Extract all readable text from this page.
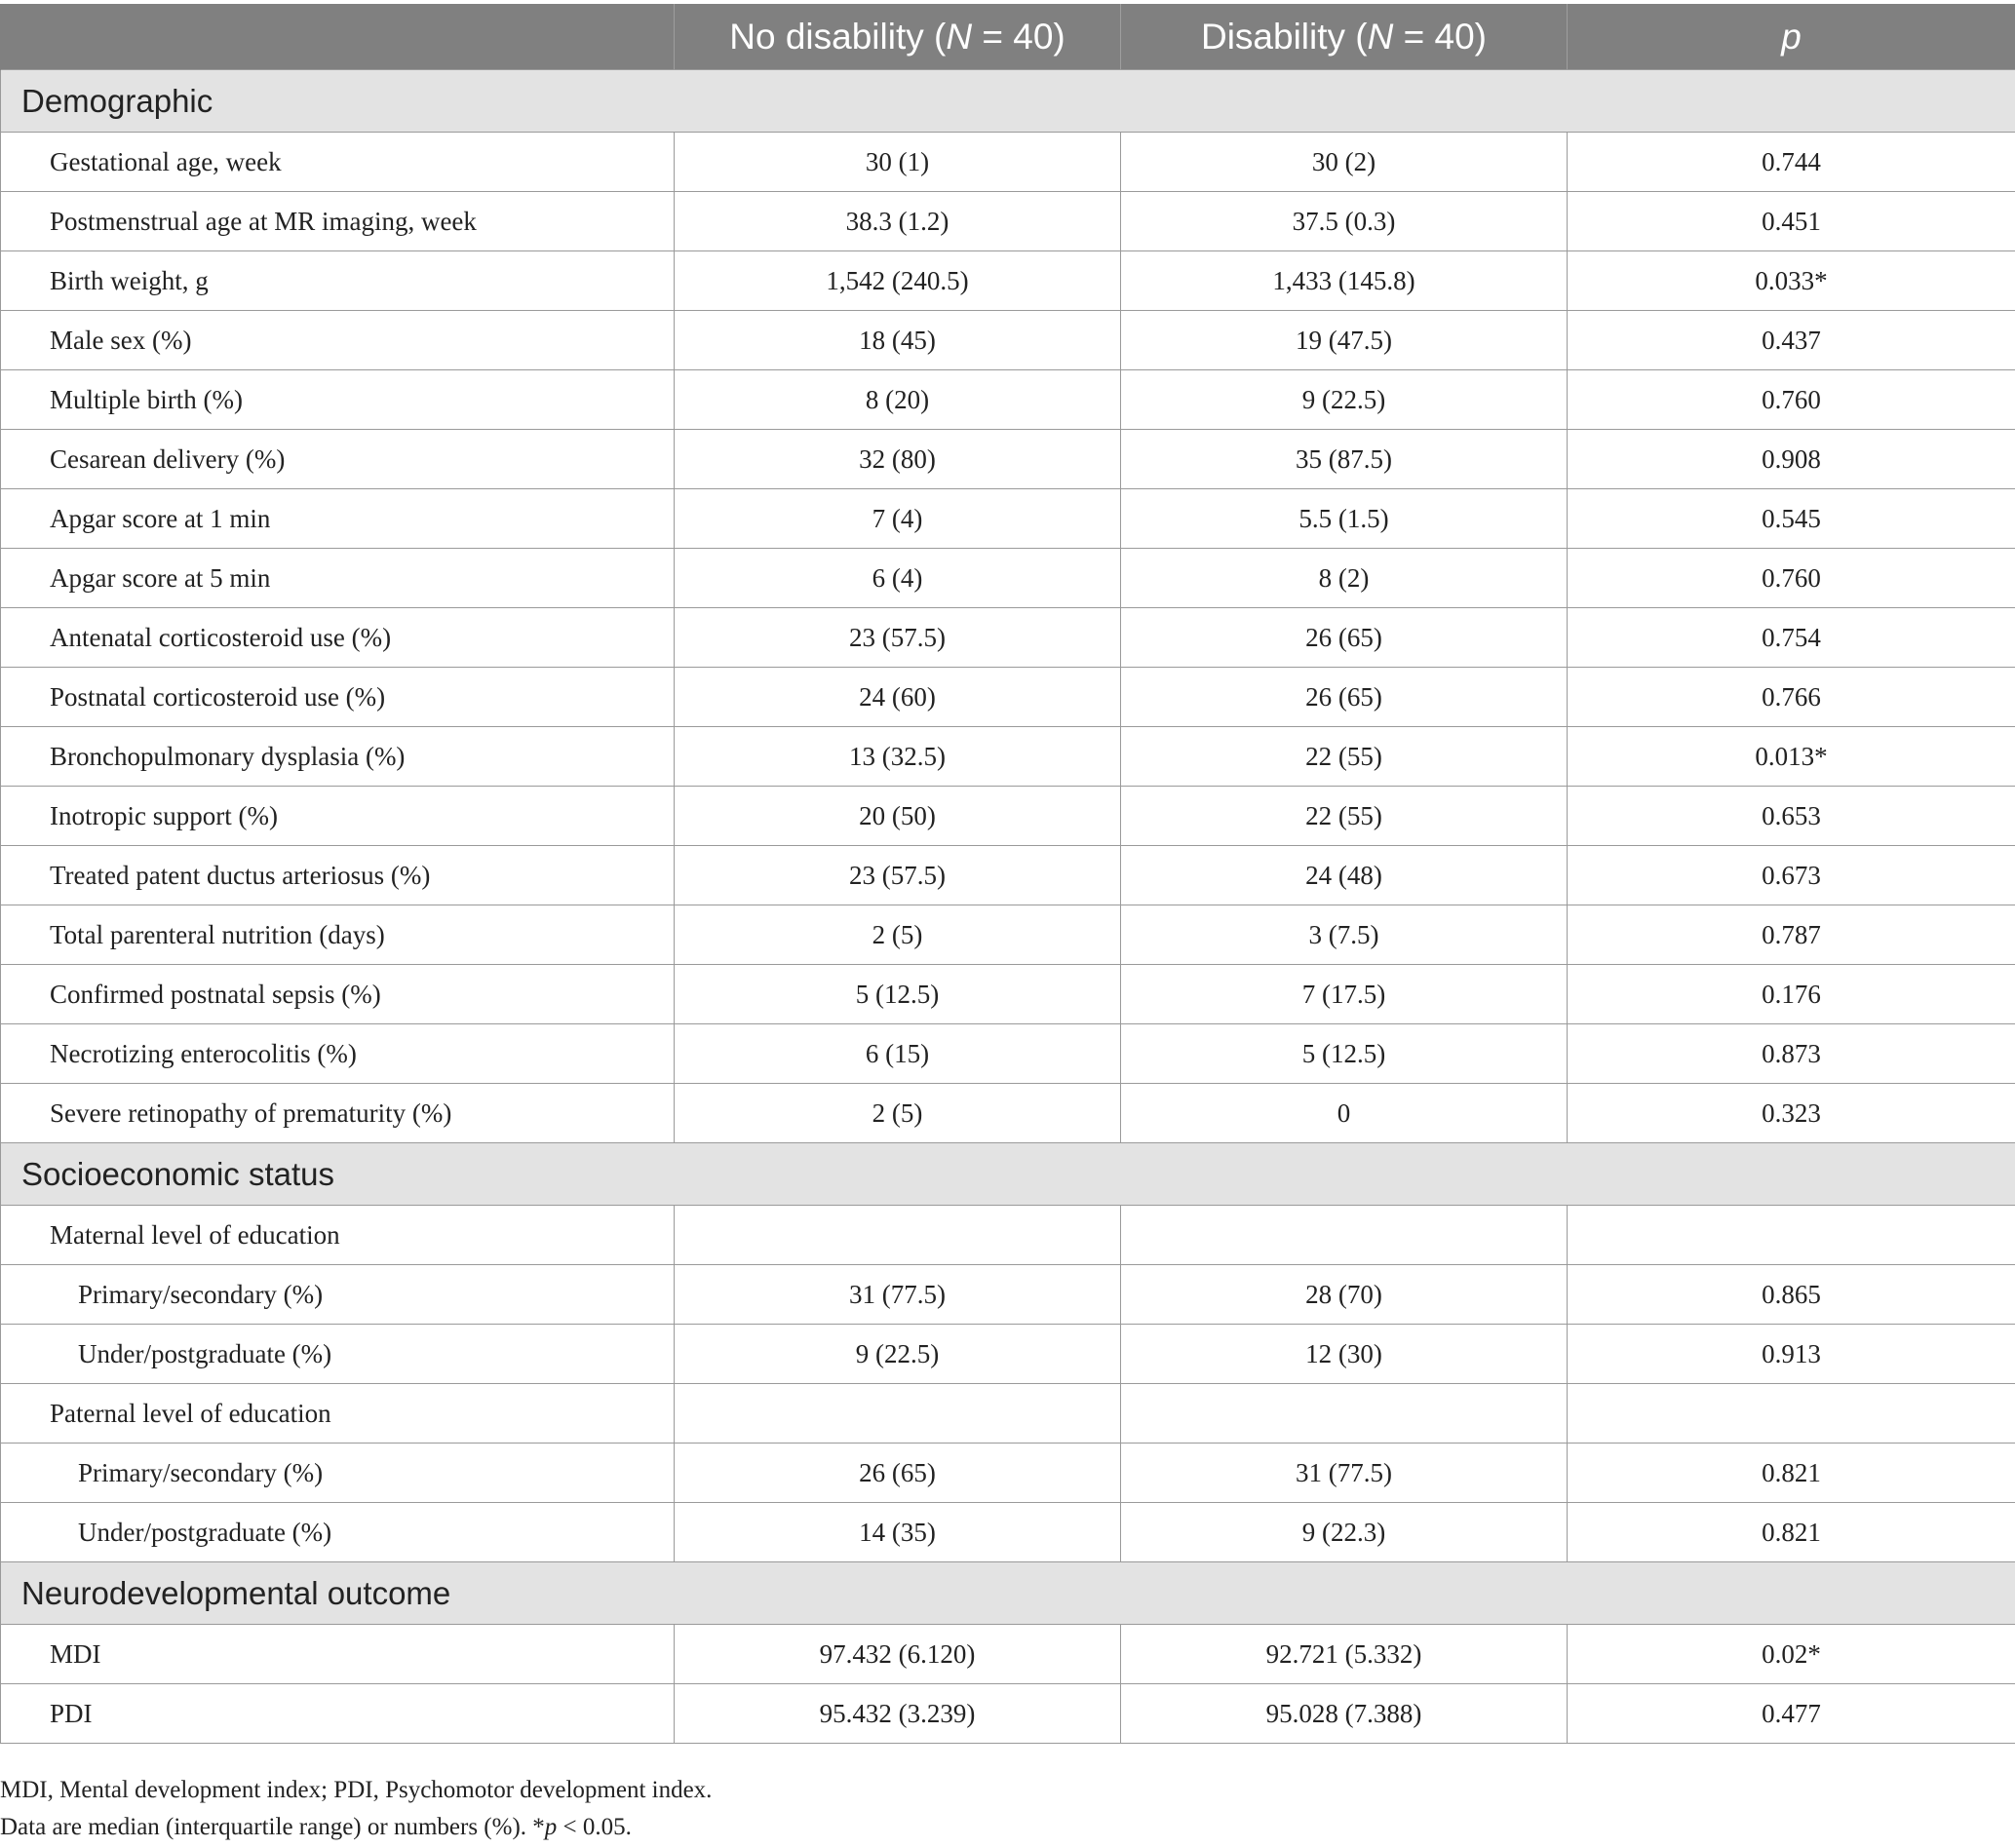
	No disability (N = 40)	Disability (N = 40)	p
Demographic			
Gestational age, week	30 (1)	30 (2)	0.744
Postmenstrual age at MR imaging, week	38.3 (1.2)	37.5 (0.3)	0.451
Birth weight, g	1,542 (240.5)	1,433 (145.8)	0.033*
Male sex (%)	18 (45)	19 (47.5)	0.437
Multiple birth (%)	8 (20)	9 (22.5)	0.760
Cesarean delivery (%)	32 (80)	35 (87.5)	0.908
Apgar score at 1 min	7 (4)	5.5 (1.5)	0.545
Apgar score at 5 min	6 (4)	8 (2)	0.760
Antenatal corticosteroid use (%)	23 (57.5)	26 (65)	0.754
Postnatal corticosteroid use (%)	24 (60)	26 (65)	0.766
Bronchopulmonary dysplasia (%)	13 (32.5)	22 (55)	0.013*
Inotropic support (%)	20 (50)	22 (55)	0.653
Treated patent ductus arteriosus (%)	23 (57.5)	24 (48)	0.673
Total parenteral nutrition (days)	2 (5)	3 (7.5)	0.787
Confirmed postnatal sepsis (%)	5 (12.5)	7 (17.5)	0.176
Necrotizing enterocolitis (%)	6 (15)	5 (12.5)	0.873
Severe retinopathy of prematurity (%)	2 (5)	0	0.323
Socioeconomic status			
Maternal level of education			
Primary/secondary (%)	31 (77.5)	28 (70)	0.865
Under/postgraduate (%)	9 (22.5)	12 (30)	0.913
Paternal level of education			
Primary/secondary (%)	26 (65)	31 (77.5)	0.821
Under/postgraduate (%)	14 (35)	9 (22.3)	0.821
Neurodevelopmental outcome			
MDI	97.432 (6.120)	92.721 (5.332)	0.02*
PDI	95.432 (3.239)	95.028 (7.388)	0.477
MDI, Mental development index; PDI, Psychomotor development index.
Data are median (interquartile range) or numbers (%). *p < 0.05.
